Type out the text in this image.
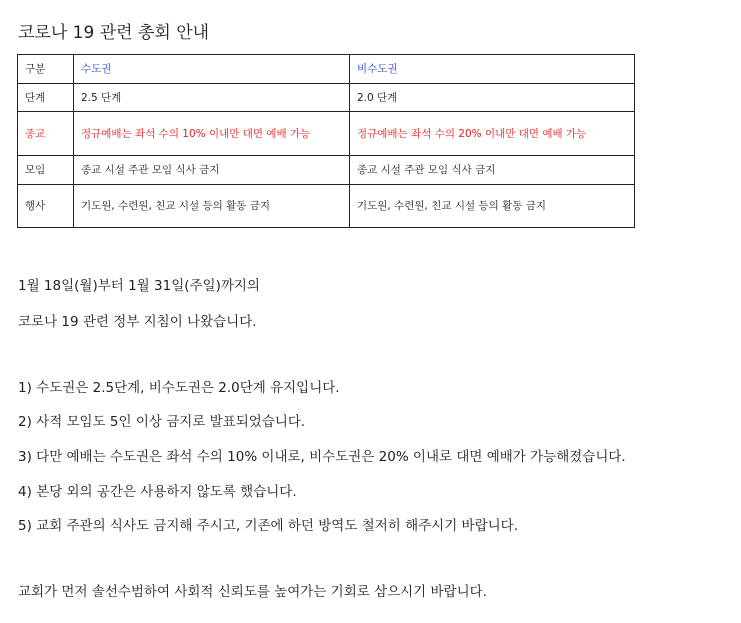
코로나 19 관련 총회 안내
구분	수도권	비수도권
단계	2.5 단계	2.0 단계
종교	정규예배는 좌석 수의 10% 이내만 대면 예배 가능	정규예배는 좌석 수의 20% 이내만 대면 예배 가능
모임	종교 시설 주관 모임 식사 금지	종교 시설 주관 모임 식사 금지
행사	기도원, 수련원, 친교 시설 등의 활동 금지	기도원, 수련원, 친교 시설 등의 활동 금지
1월 18일(월)부터 1월 31일(주일)까지의
코로나 19 관련 정부 지침이 나왔습니다.
1) 수도권은 2.5단계, 비수도권은 2.0단계 유지입니다.
2) 사적 모임도 5인 이상 금지로 발표되었습니다.
3) 다만 예배는 수도권은 좌석 수의 10% 이내로, 비수도권은 20% 이내로 대면 예배가 가능해졌습니다.
4) 본당 외의 공간은 사용하지 않도록 했습니다.
5) 교회 주관의 식사도 금지해 주시고, 기존에 하던 방역도 철저히 해주시기 바랍니다.
교회가 먼저 솔선수범하여 사회적 신뢰도를 높여가는 기회로 삼으시기 바랍니다.
